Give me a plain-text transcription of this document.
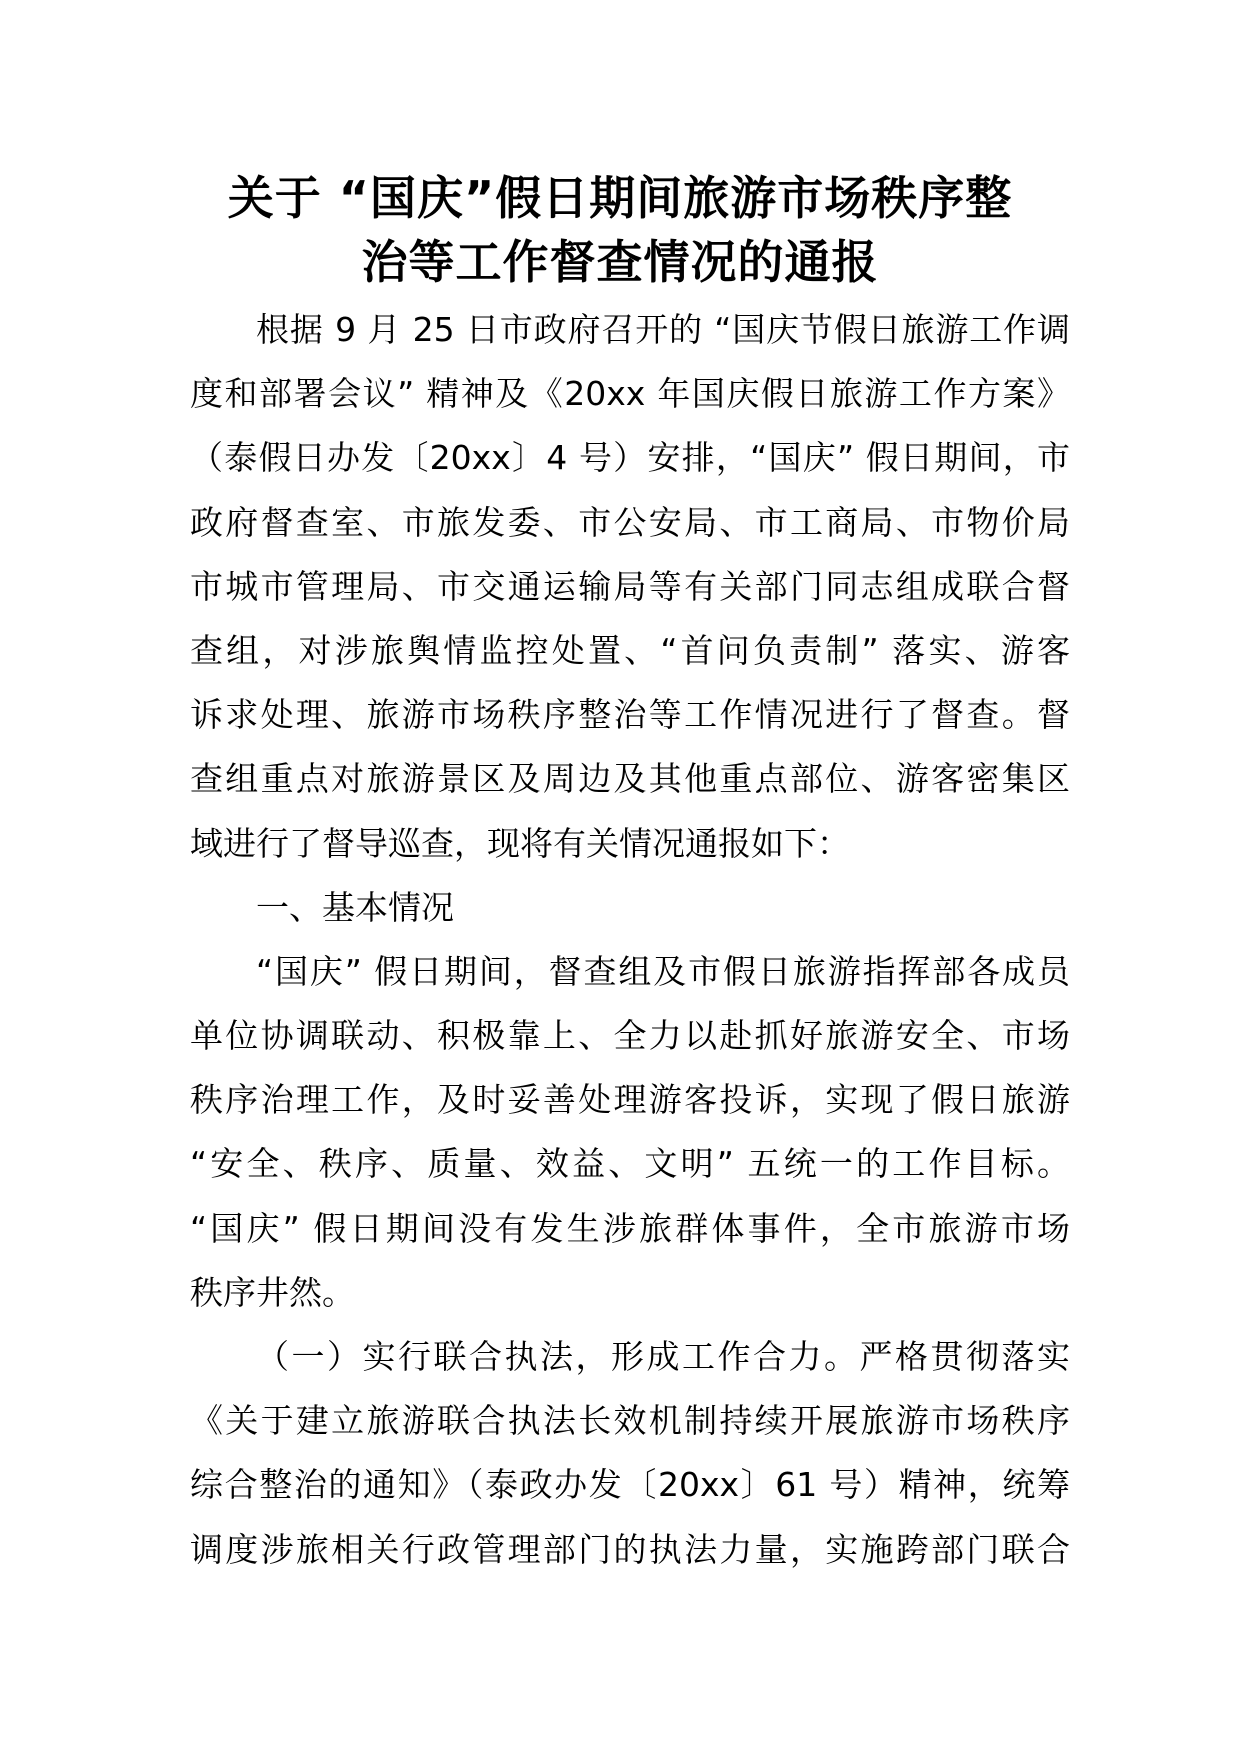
关于 “国庆”假日期间旅游市场秩序整
治等工作督查情况的通报
根据 9 月 25 日市政府召开的 “国庆节假日旅游工作调
度和部署会议” 精神及《20xx 年国庆假日旅游工作方案》
（泰假日办发〔20xx〕4 号）安排，“国庆” 假日期间，市
政府督查室、市旅发委、市公安局、市工商局、市物价局
市城市管理局、市交通运输局等有关部门同志组成联合督
查组，对涉旅舆情监控处置、“首问负责制” 落实、游客
诉求处理、旅游市场秩序整治等工作情况进行了督查。督
查组重点对旅游景区及周边及其他重点部位、游客密集区
域进行了督导巡查，现将有关情况通报如下：
一、基本情况
“国庆” 假日期间，督查组及市假日旅游指挥部各成员
单位协调联动、积极靠上、全力以赴抓好旅游安全、市场
秩序治理工作，及时妥善处理游客投诉，实现了假日旅游
“安全、秩序、质量、效益、文明” 五统一的工作目标。
“国庆” 假日期间没有发生涉旅群体事件，全市旅游市场
秩序井然。
（一）实行联合执法，形成工作合力。严格贯彻落实
《关于建立旅游联合执法长效机制持续开展旅游市场秩序
综合整治的通知》（泰政办发〔20xx〕61 号）精神，统筹
调度涉旅相关行政管理部门的执法力量，实施跨部门联合
